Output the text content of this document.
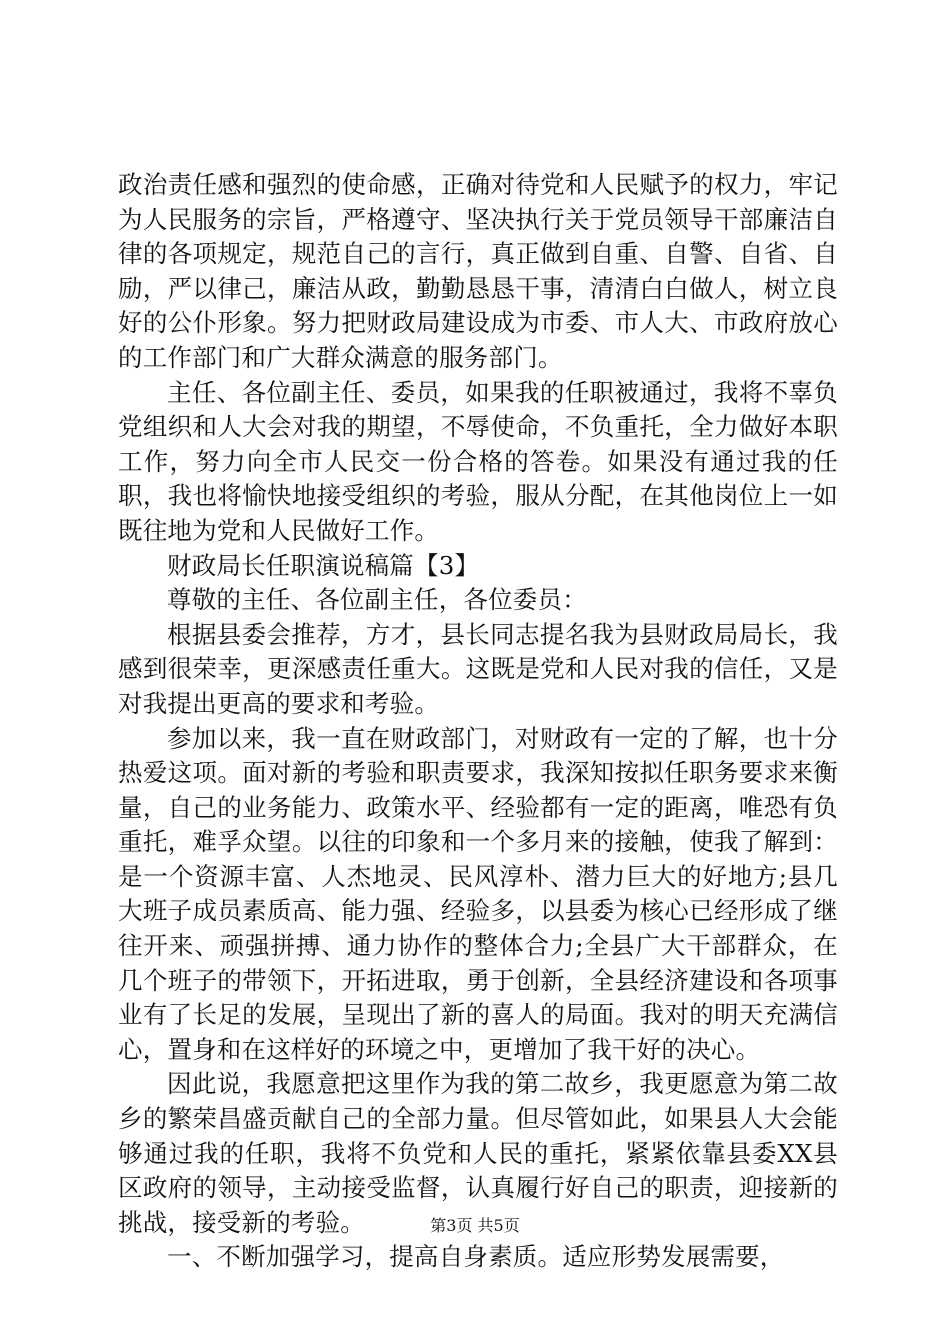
政治责任感和强烈的使命感，正确对待党和人民赋予的权力，牢记为人民服务的宗旨，严格遵守、坚决执行关于党员领导干部廉洁自律的各项规定，规范自己的言行，真正做到自重、自警、自省、自励，严以律己，廉洁从政，勤勤恳恳干事，清清白白做人，树立良好的公仆形象。努力把财政局建设成为市委、市人大、市政府放心的工作部门和广大群众满意的服务部门。

主任、各位副主任、委员，如果我的任职被通过，我将不辜负党组织和人大会对我的期望，不辱使命，不负重托，全力做好本职工作，努力向全市人民交一份合格的答卷。如果没有通过我的任职，我也将愉快地接受组织的考验，服从分配，在其他岗位上一如既往地为党和人民做好工作。

财政局长任职演说稿篇【3】

尊敬的主任、各位副主任，各位委员：

根据县委会推荐，方才，县长同志提名我为县财政局局长，我感到很荣幸，更深感责任重大。这既是党和人民对我的信任，又是对我提出更高的要求和考验。

参加以来，我一直在财政部门，对财政有一定的了解，也十分热爱这项。面对新的考验和职责要求，我深知按拟任职务要求来衡量，自己的业务能力、政策水平、经验都有一定的距离，唯恐有负重托，难孚众望。以往的印象和一个多月来的接触，使我了解到：是一个资源丰富、人杰地灵、民风淳朴、潜力巨大的好地方;县几大班子成员素质高、能力强、经验多，以县委为核心已经形成了继往开来、顽强拼搏、通力协作的整体合力;全县广大干部群众，在几个班子的带领下，开拓进取，勇于创新，全县经济建设和各项事业有了长足的发展，呈现出了新的喜人的局面。我对的明天充满信心，置身和在这样好的环境之中，更增加了我干好的决心。

因此说，我愿意把这里作为我的第二故乡，我更愿意为第二故乡的繁荣昌盛贡献自己的全部力量。但尽管如此，如果县人大会能够通过我的任职，我将不负党和人民的重托，紧紧依靠县委XX县区政府的领导，主动接受监督，认真履行好自己的职责，迎接新的挑战，接受新的考验。

一、不断加强学习，提高自身素质。适应形势发展需要，

第3页 共5页
